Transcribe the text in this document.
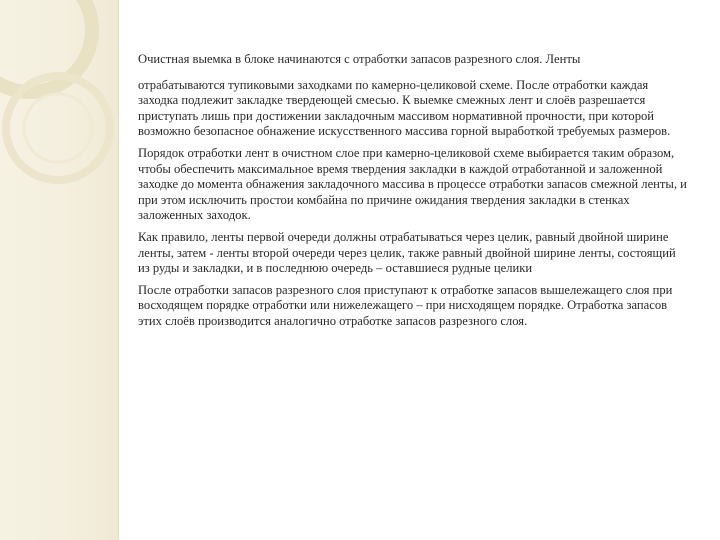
Очистная выемка в блоке начинаются с отработки запасов разрезного слоя. Ленты

отрабатываются тупиковыми заходками по камерно-целиковой схеме. После отработки каждая заходка подлежит закладке твердеющей смесью. К выемке смежных лент и слоёв разрешается приступать лишь при достижении закладочным массивом нормативной прочности, при которой возможно безопасное обнажение искусственного массива горной выработкой требуемых размеров.

Порядок отработки лент в очистном слое при камерно-целиковой схеме выбирается таким образом, чтобы обеспечить максимальное время твердения закладки в каждой отработанной и заложенной заходке до момента обнажения закладочного массива в процессе отработки запасов смежной ленты, и при этом исключить простои комбайна по причине ожидания твердения закладки в стенках заложенных заходок.

Как правило, ленты первой очереди должны отрабатываться через целик, равный двойной ширине ленты, затем - ленты второй очереди через целик, также равный двойной ширине ленты, состоящий из руды и закладки, и в последнюю очередь – оставшиеся рудные целики

После отработки запасов разрезного слоя приступают к отработке запасов вышележащего слоя при восходящем порядке отработки или нижележащего – при нисходящем порядке. Отработка запасов этих слоёв производится аналогично отработке запасов разрезного слоя.
